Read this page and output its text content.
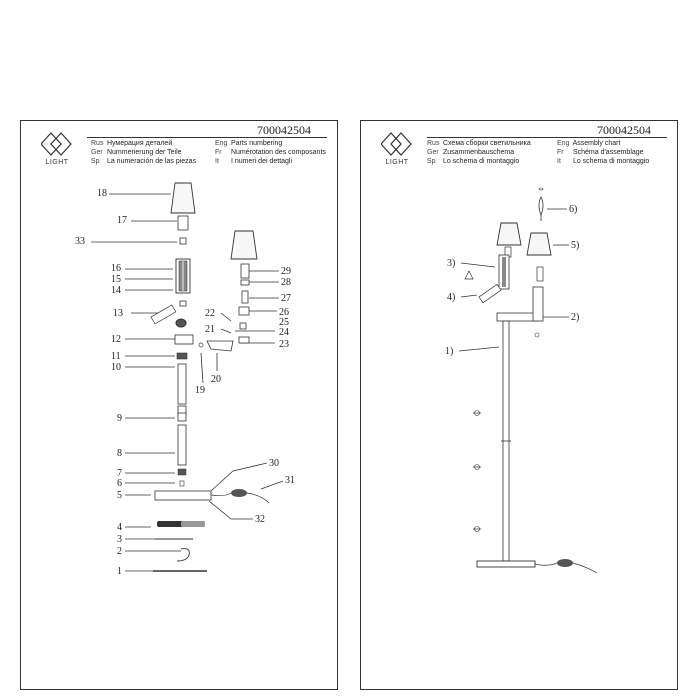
LIGHT
700042504
Rus Нумерация деталей	Eng Parts numbering
Ger Nummerierung der Teile	Fr Numérotation des composants
Sp La numeración de las piezas	It I numeri dei dettagli
18
17
33
16
15
14
13
12
11
10
9
8
7
6
5
4
3
2
1
29
28
27
26
25
24
23
22
21
20
19
30
31
32
LIGHT
700042504
Rus Схема сборки светильника	Eng Assembly chart
Ger Zusammenbauschema	Fr Schéma d'assemblage
Sp Lo schema di montaggio	It Lo schema di montaggio
6)
5)
3)
4)
2)
1)
